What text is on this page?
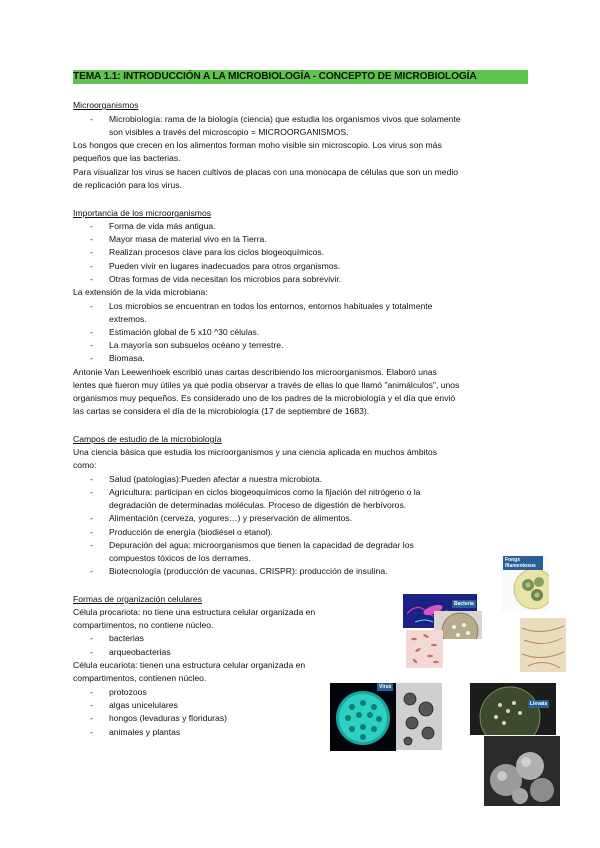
TEMA 1.1: INTRODUCCIÓN A LA MICROBIOLOGÍA - CONCEPTO DE MICROBIOLOGÍA
Microorganismos
- Microbiología: rama de la biología (ciencia) que estudia los organismos vivos que solamente
son visibles a través del microscopio = MICROORGANISMOS.
Los hongos que crecen en los alimentos forman moho visible sin microscopio. Los virus son más
pequeños que las bacterias.
Para visualizar los virus se hacen cultivos de placas con una monocapa de células que son un medio
de replicación para los virus.
Importancia de los microorganismos
- Forma de vida más antigua.
- Mayor masa de material vivo en la Tierra.
- Realizan procesos clave para los ciclos biogeoquímicos.
- Pueden vivir en lugares inadecuados para otros organismos.
- Otras formas de vida necesitan los microbios para sobrevivir.
La extensión de la vida microbiana:
- Los microbios se encuentran en todos los entornos, entornos habituales y totalmente
extremos.
- Estimación global de 5 x10 ^30 células.
- La mayoría son subsuelos océano y terrestre.
- Biomasa.
Antonie Van Leewenhoek escribió unas cartas describiendo los microorganismos. Elaboró unas
lentes que fueron muy útiles ya que podía observar a través de ellas lo que llamó "animálculos", unos
organismos muy pequeños. Es considerado uno de los padres de la microbiología y el día que envió
las cartas se considera el día de la microbiología (17 de septiembre de 1683).
Campos de estudio de la microbiología
Una ciencia básica que estudia los microorganismos y una ciencia aplicada en muchos ámbitos
como:
- Salud (patologías):Pueden afectar a nuestra microbiota.
- Agricultura: participan en ciclos biogeoquímicos como la fijación del nitrógeno o la
degradación de determinadas moléculas. Proceso de digestión de herbívoros.
- Alimentación (cerveza, yogures…) y preservación de alimentos.
- Producción de energía (biodiésel o etanol).
- Depuración del agua: microorganismos que tienen la capacidad de degradar los
compuestos tóxicos de los derrames.
- Biotecnología (producción de vacunas, CRISPR): producción de insulina.
Formas de organización celulares
Célula procariota: no tiene una estructura celular organizada en
compartimentos, no contiene núcleo.
- bacterias
- arqueobacterias
Célula eucariota: tienen una estructura celular organizada en
compartimentos, contienen núcleo.
- protozoos
- algas unicelulares
- hongos (levaduras y floriduras)
- animales y plantas
Fongs filamentosos
Bacteria
Virus
Llevats
